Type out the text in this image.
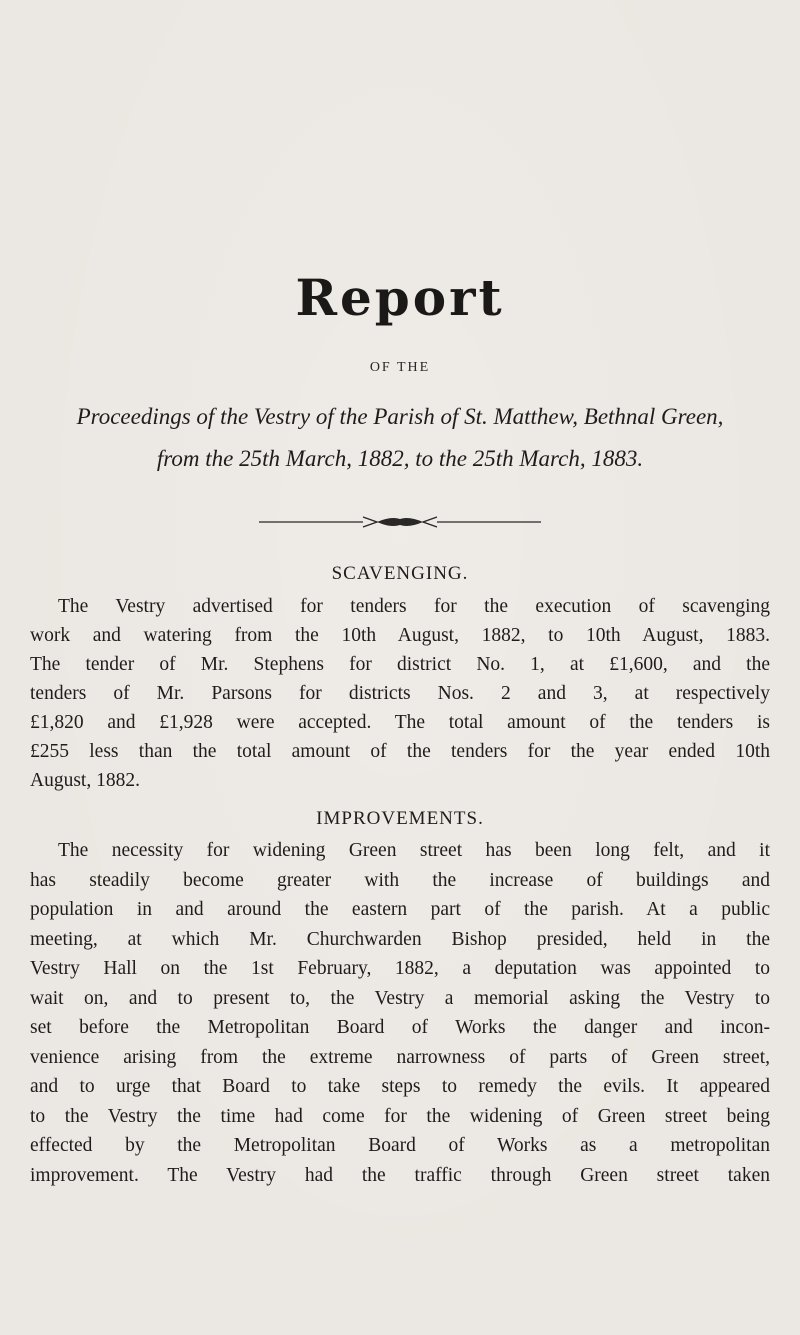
Report
OF THE
Proceedings of the Vestry of the Parish of St. Matthew, Bethnal Green,
from the 25th March, 1882, to the 25th March, 1883.
SCAVENGING.
The Vestry advertised for tenders for the execution of scavenging
work and watering from the 10th August, 1882, to 10th August, 1883.
The tender of Mr. Stephens for district No. 1, at £1,600, and the
tenders of Mr. Parsons for districts Nos. 2 and 3, at respectively
£1,820 and £1,928 were accepted. The total amount of the tenders is
£255 less than the total amount of the tenders for the year ended 10th
August, 1882.
IMPROVEMENTS.
The necessity for widening Green street has been long felt, and it
has steadily become greater with the increase of buildings and
population in and around the eastern part of the parish. At a public
meeting, at which Mr. Churchwarden Bishop presided, held in the
Vestry Hall on the 1st February, 1882, a deputation was appointed to
wait on, and to present to, the Vestry a memorial asking the Vestry to
set before the Metropolitan Board of Works the danger and incon-
venience arising from the extreme narrowness of parts of Green street,
and to urge that Board to take steps to remedy the evils. It appeared
to the Vestry the time had come for the widening of Green street being
effected by the Metropolitan Board of Works as a metropolitan
improvement. The Vestry had the traffic through Green street taken
